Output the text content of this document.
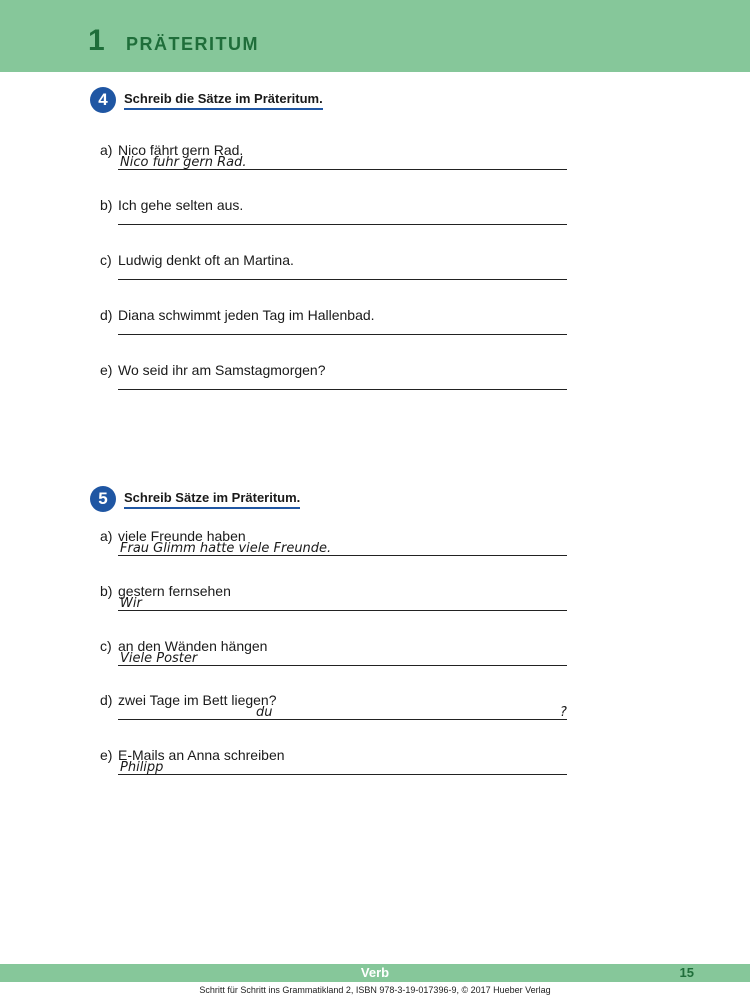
1 PRÄTERITUM
4	Schreib die Sätze im Präteritum.
a) Nico fährt gern Rad.
Nico fuhr gern Rad.
b) Ich gehe selten aus.
c) Ludwig denkt oft an Martina.
d) Diana schwimmt jeden Tag im Hallenbad.
e) Wo seid ihr am Samstagmorgen?
5	Schreib Sätze im Präteritum.
a) viele Freunde haben
Frau Glimm hatte viele Freunde.
b) gestern fernsehen
Wir
c) an den Wänden hängen
Viele Poster
d) zwei Tage im Bett liegen?
du	?
e) E-Mails an Anna schreiben
Philipp
Verb	15
Schritt für Schritt ins Grammatikland 2, ISBN 978-3-19-017396-9, © 2017 Hueber Verlag
